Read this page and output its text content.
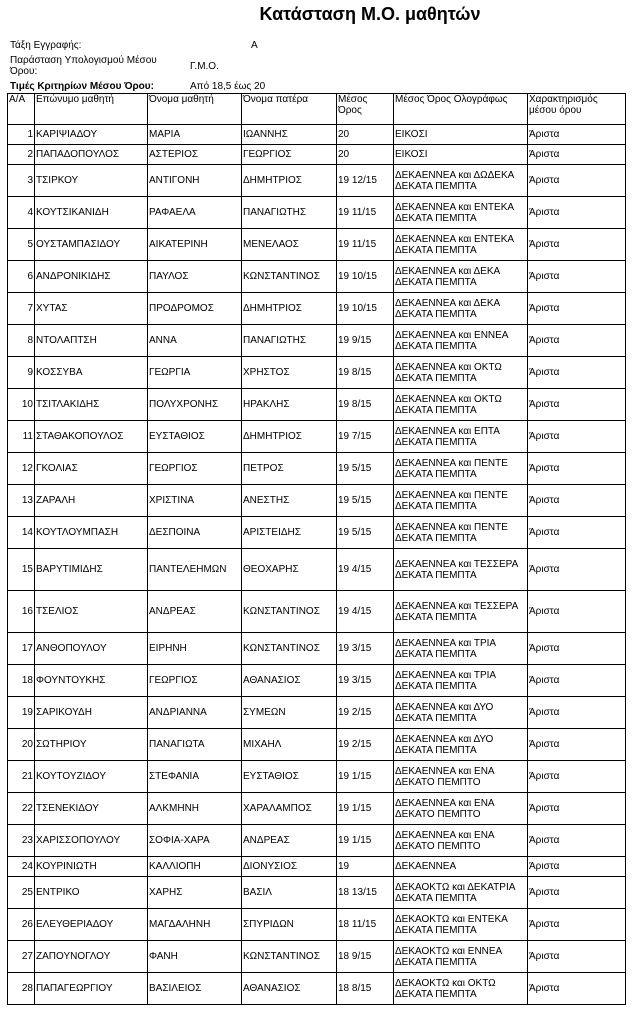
Κατάσταση Μ.Ο. μαθητών
Τάξη Εγγραφής:	Α
Παράσταση Υπολογισμού Μέσου
Όρου:	Γ.Μ.Ο.
Τιμές Κριτηρίων Μέσου Όρου:	Από 18,5 έως 20
Α/Α	Επώνυμο μαθητή	Όνομα μαθητή	Όνομα πατέρα	Μέσος Όρος	Μέσος Όρος Ολογράφως	Χαρακτηρισμός μέσου όρου
1	ΚΑΡΙΨΙΑΔΟΥ	ΜΑΡΙΑ	ΙΩΑΝΝΗΣ	20	ΕΙΚΟΣΙ	Άριστα
2	ΠΑΠΑΔΟΠΟΥΛΟΣ	ΑΣΤΕΡΙΟΣ	ΓΕΩΡΓΙΟΣ	20	ΕΙΚΟΣΙ	Άριστα
3	ΤΣΙΡΚΟΥ	ΑΝΤΙΓΟΝΗ	ΔΗΜΗΤΡΙΟΣ	19 12/15	ΔΕΚΑΕΝΝΕΑ και ΔΩΔΕΚΑ ΔΕΚΑΤΑ ΠΕΜΠΤΑ	Άριστα
4	ΚΟΥΤΣΙΚΑΝΙΔΗ	ΡΑΦΑΕΛΑ	ΠΑΝΑΓΙΩΤΗΣ	19 11/15	ΔΕΚΑΕΝΝΕΑ και ΕΝΤΕΚΑ ΔΕΚΑΤΑ ΠΕΜΠΤΑ	Άριστα
5	ΟΥΣΤΑΜΠΑΣΙΔΟΥ	ΑΙΚΑΤΕΡΙΝΗ	ΜΕΝΕΛΑΟΣ	19 11/15	ΔΕΚΑΕΝΝΕΑ και ΕΝΤΕΚΑ ΔΕΚΑΤΑ ΠΕΜΠΤΑ	Άριστα
6	ΑΝΔΡΟΝΙΚΙΔΗΣ	ΠΑΥΛΟΣ	ΚΩΝΣΤΑΝΤΙΝΟΣ	19 10/15	ΔΕΚΑΕΝΝΕΑ και ΔΕΚΑ ΔΕΚΑΤΑ ΠΕΜΠΤΑ	Άριστα
7	ΧΥΤΑΣ	ΠΡΟΔΡΟΜΟΣ	ΔΗΜΗΤΡΙΟΣ	19 10/15	ΔΕΚΑΕΝΝΕΑ και ΔΕΚΑ ΔΕΚΑΤΑ ΠΕΜΠΤΑ	Άριστα
8	ΝΤΟΛΑΠΤΣΗ	ΑΝΝΑ	ΠΑΝΑΓΙΩΤΗΣ	19 9/15	ΔΕΚΑΕΝΝΕΑ και ΕΝΝΕΑ ΔΕΚΑΤΑ ΠΕΜΠΤΑ	Άριστα
9	ΚΟΣΣΥΒΑ	ΓΕΩΡΓΙΑ	ΧΡΗΣΤΟΣ	19 8/15	ΔΕΚΑΕΝΝΕΑ και ΟΚΤΩ ΔΕΚΑΤΑ ΠΕΜΠΤΑ	Άριστα
10	ΤΣΙΤΛΑΚΙΔΗΣ	ΠΟΛΥΧΡΟΝΗΣ	ΗΡΑΚΛΗΣ	19 8/15	ΔΕΚΑΕΝΝΕΑ και ΟΚΤΩ ΔΕΚΑΤΑ ΠΕΜΠΤΑ	Άριστα
11	ΣΤΑΘΑΚΟΠΟΥΛΟΣ	ΕΥΣΤΑΘΙΟΣ	ΔΗΜΗΤΡΙΟΣ	19 7/15	ΔΕΚΑΕΝΝΕΑ και ΕΠΤΑ ΔΕΚΑΤΑ ΠΕΜΠΤΑ	Άριστα
12	ΓΚΟΛΙΑΣ	ΓΕΩΡΓΙΟΣ	ΠΕΤΡΟΣ	19 5/15	ΔΕΚΑΕΝΝΕΑ και ΠΕΝΤΕ ΔΕΚΑΤΑ ΠΕΜΠΤΑ	Άριστα
13	ΖΑΡΑΛΗ	ΧΡΙΣΤΙΝΑ	ΑΝΕΣΤΗΣ	19 5/15	ΔΕΚΑΕΝΝΕΑ και ΠΕΝΤΕ ΔΕΚΑΤΑ ΠΕΜΠΤΑ	Άριστα
14	ΚΟΥΤΛΟΥΜΠΑΣΗ	ΔΕΣΠΟΙΝΑ	ΑΡΙΣΤΕΙΔΗΣ	19 5/15	ΔΕΚΑΕΝΝΕΑ και ΠΕΝΤΕ ΔΕΚΑΤΑ ΠΕΜΠΤΑ	Άριστα
15	ΒΑΡΥΤΙΜΙΔΗΣ	ΠΑΝΤΕΛΕΗΜΩΝ	ΘΕΟΧΑΡΗΣ	19 4/15	ΔΕΚΑΕΝΝΕΑ και ΤΕΣΣΕΡΑ ΔΕΚΑΤΑ ΠΕΜΠΤΑ	Άριστα
16	ΤΣΕΛΙΟΣ	ΑΝΔΡΕΑΣ	ΚΩΝΣΤΑΝΤΙΝΟΣ	19 4/15	ΔΕΚΑΕΝΝΕΑ και ΤΕΣΣΕΡΑ ΔΕΚΑΤΑ ΠΕΜΠΤΑ	Άριστα
17	ΑΝΘΟΠΟΥΛΟΥ	ΕΙΡΗΝΗ	ΚΩΝΣΤΑΝΤΙΝΟΣ	19 3/15	ΔΕΚΑΕΝΝΕΑ και ΤΡΙΑ ΔΕΚΑΤΑ ΠΕΜΠΤΑ	Άριστα
18	ΦΟΥΝΤΟΥΚΗΣ	ΓΕΩΡΓΙΟΣ	ΑΘΑΝΑΣΙΟΣ	19 3/15	ΔΕΚΑΕΝΝΕΑ και ΤΡΙΑ ΔΕΚΑΤΑ ΠΕΜΠΤΑ	Άριστα
19	ΣΑΡΙΚΟΥΔΗ	ΑΝΔΡΙΑΝΝΑ	ΣΥΜΕΩΝ	19 2/15	ΔΕΚΑΕΝΝΕΑ και ΔΥΟ ΔΕΚΑΤΑ ΠΕΜΠΤΑ	Άριστα
20	ΣΩΤΗΡΙΟΥ	ΠΑΝΑΓΙΩΤΑ	ΜΙΧΑΗΛ	19 2/15	ΔΕΚΑΕΝΝΕΑ και ΔΥΟ ΔΕΚΑΤΑ ΠΕΜΠΤΑ	Άριστα
21	ΚΟΥΤΟΥΖΙΔΟΥ	ΣΤΕΦΑΝΙΑ	ΕΥΣΤΑΘΙΟΣ	19 1/15	ΔΕΚΑΕΝΝΕΑ και ΕΝΑ ΔΕΚΑΤΟ ΠΕΜΠΤΟ	Άριστα
22	ΤΣΕΝΕΚΙΔΟΥ	ΑΛΚΜΗΝΗ	ΧΑΡΑΛΑΜΠΟΣ	19 1/15	ΔΕΚΑΕΝΝΕΑ και ΕΝΑ ΔΕΚΑΤΟ ΠΕΜΠΤΟ	Άριστα
23	ΧΑΡΙΣΣΟΠΟΥΛΟΥ	ΣΟΦΙΑ-ΧΑΡΑ	ΑΝΔΡΕΑΣ	19 1/15	ΔΕΚΑΕΝΝΕΑ και ΕΝΑ ΔΕΚΑΤΟ ΠΕΜΠΤΟ	Άριστα
24	ΚΟΥΡΙΝΙΩΤΗ	ΚΑΛΛΙΟΠΗ	ΔΙΟΝΥΣΙΟΣ	19	ΔΕΚΑΕΝΝΕΑ	Άριστα
25	ΕΝΤΡΙΚΟ	ΧΑΡΗΣ	ΒΑΣΙΛ	18 13/15	ΔΕΚΑΟΚΤΩ και ΔΕΚΑΤΡΙΑ ΔΕΚΑΤΑ ΠΕΜΠΤΑ	Άριστα
26	ΕΛΕΥΘΕΡΙΑΔΟΥ	ΜΑΓΔΑΛΗΝΗ	ΣΠΥΡΙΔΩΝ	18 11/15	ΔΕΚΑΟΚΤΩ και ΕΝΤΕΚΑ ΔΕΚΑΤΑ ΠΕΜΠΤΑ	Άριστα
27	ΖΑΠΟΥΝΟΓΛΟΥ	ΦΑΝΗ	ΚΩΝΣΤΑΝΤΙΝΟΣ	18 9/15	ΔΕΚΑΟΚΤΩ και ΕΝΝΕΑ ΔΕΚΑΤΑ ΠΕΜΠΤΑ	Άριστα
28	ΠΑΠΑΓΕΩΡΓΙΟΥ	ΒΑΣΙΛΕΙΟΣ	ΑΘΑΝΑΣΙΟΣ	18 8/15	ΔΕΚΑΟΚΤΩ και ΟΚΤΩ ΔΕΚΑΤΑ ΠΕΜΠΤΑ	Άριστα
